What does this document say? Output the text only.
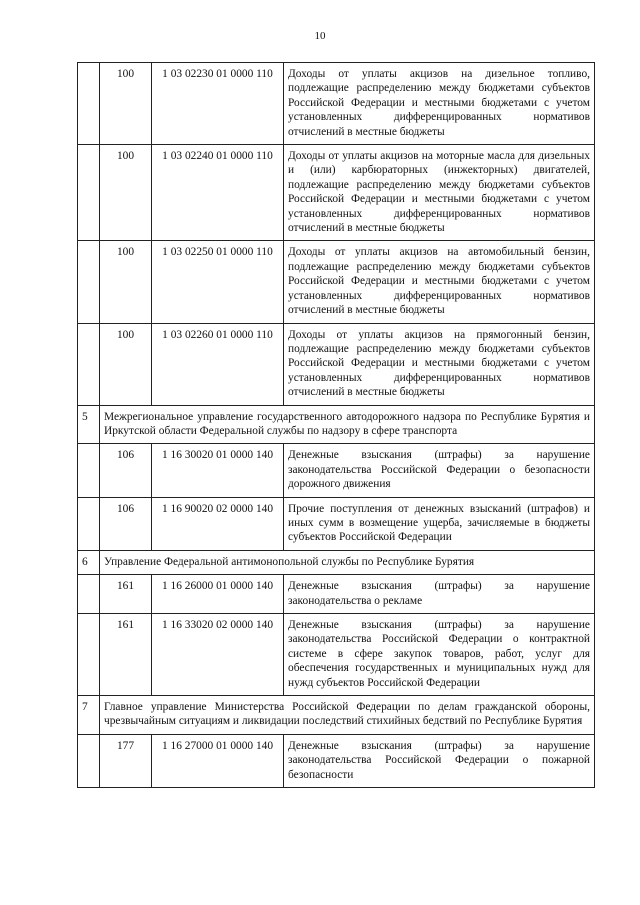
10
	100	1 03 02230 01 0000 110	Доходы от уплаты акцизов на дизельное топливо, подлежащие распределению между бюджетами субъектов Российской Федерации и местными бюджетами с учетом установленных дифференцированных нормативов отчислений в местные бюджеты
	100	1 03 02240 01 0000 110	Доходы от уплаты акцизов на моторные масла для дизельных и (или) карбюраторных (инжекторных) двигателей, подлежащие распределению между бюджетами субъектов Российской Федерации и местными бюджетами с учетом установленных дифференцированных нормативов отчислений в местные бюджеты
	100	1 03 02250 01 0000 110	Доходы от уплаты акцизов на автомобильный бензин, подлежащие распределению между бюджетами субъектов Российской Федерации и местными бюджетами с учетом установленных дифференцированных нормативов отчислений в местные бюджеты
	100	1 03 02260 01 0000 110	Доходы от уплаты акцизов на прямогонный бензин, подлежащие распределению между бюджетами субъектов Российской Федерации и местными бюджетами с учетом установленных дифференцированных нормативов отчислений в местные бюджеты
5	Межрегиональное управление государственного автодорожного надзора по Республике Бурятия и Иркутской области Федеральной службы по надзору в сфере транспорта		
	106	1 16 30020 01 0000 140	Денежные взыскания (штрафы) за нарушение законодательства Российской Федерации о безопасности дорожного движения
	106	1 16 90020 02 0000 140	Прочие поступления от денежных взысканий (штрафов) и иных сумм в возмещение ущерба, зачисляемые в бюджеты субъектов Российской Федерации
6	Управление Федеральной антимонопольной службы по Республике Бурятия		
	161	1 16 26000 01 0000 140	Денежные взыскания (штрафы) за нарушение законодательства о рекламе
	161	1 16 33020 02 0000 140	Денежные взыскания (штрафы) за нарушение законодательства Российской Федерации о контрактной системе в сфере закупок товаров, работ, услуг для обеспечения государственных и муниципальных нужд для нужд субъектов Российской Федерации
7	Главное управление Министерства Российской Федерации по делам гражданской обороны, чрезвычайным ситуациям и ликвидации последствий стихийных бедствий по Республике Бурятия		
	177	1 16 27000 01 0000 140	Денежные взыскания (штрафы) за нарушение законодательства Российской Федерации о пожарной безопасности
